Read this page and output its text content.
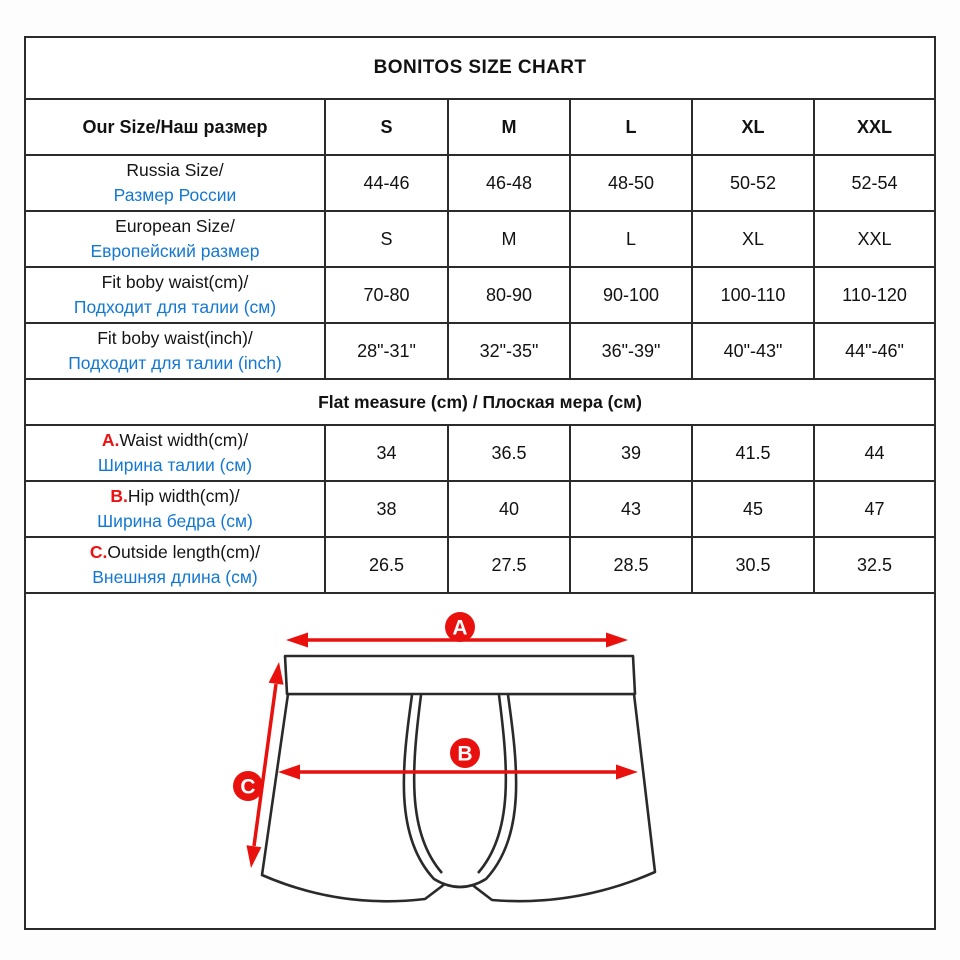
BONITOS SIZE CHART					
Our Size/Наш размер	S	M	L	XL	XXL

Russia Size/
Размер России	44-46	46-48	48-50	50-52	52-54

European Size/
Европейский размер	S	M	L	XL	XXL

Fit boby waist(cm)/
Подходит для талии (см)	70-80	80-90	90-100	100-110	110-120

Fit boby waist(inch)/
Подходит для талии (inch)	28"-31"	32"-35"	36"-39"	40"-43"	44"-46"
Flat measure (cm) / Плоская мера (см)					

A.Waist width(cm)/
Ширина талии (см)	34	36.5	39	41.5	44

B.Hip width(cm)/
Ширина бедра (см)	38	40	43	45	47

C.Outside length(cm)/
Внешняя длина (см)	26.5	27.5	28.5	30.5	32.5

A
B
C					
